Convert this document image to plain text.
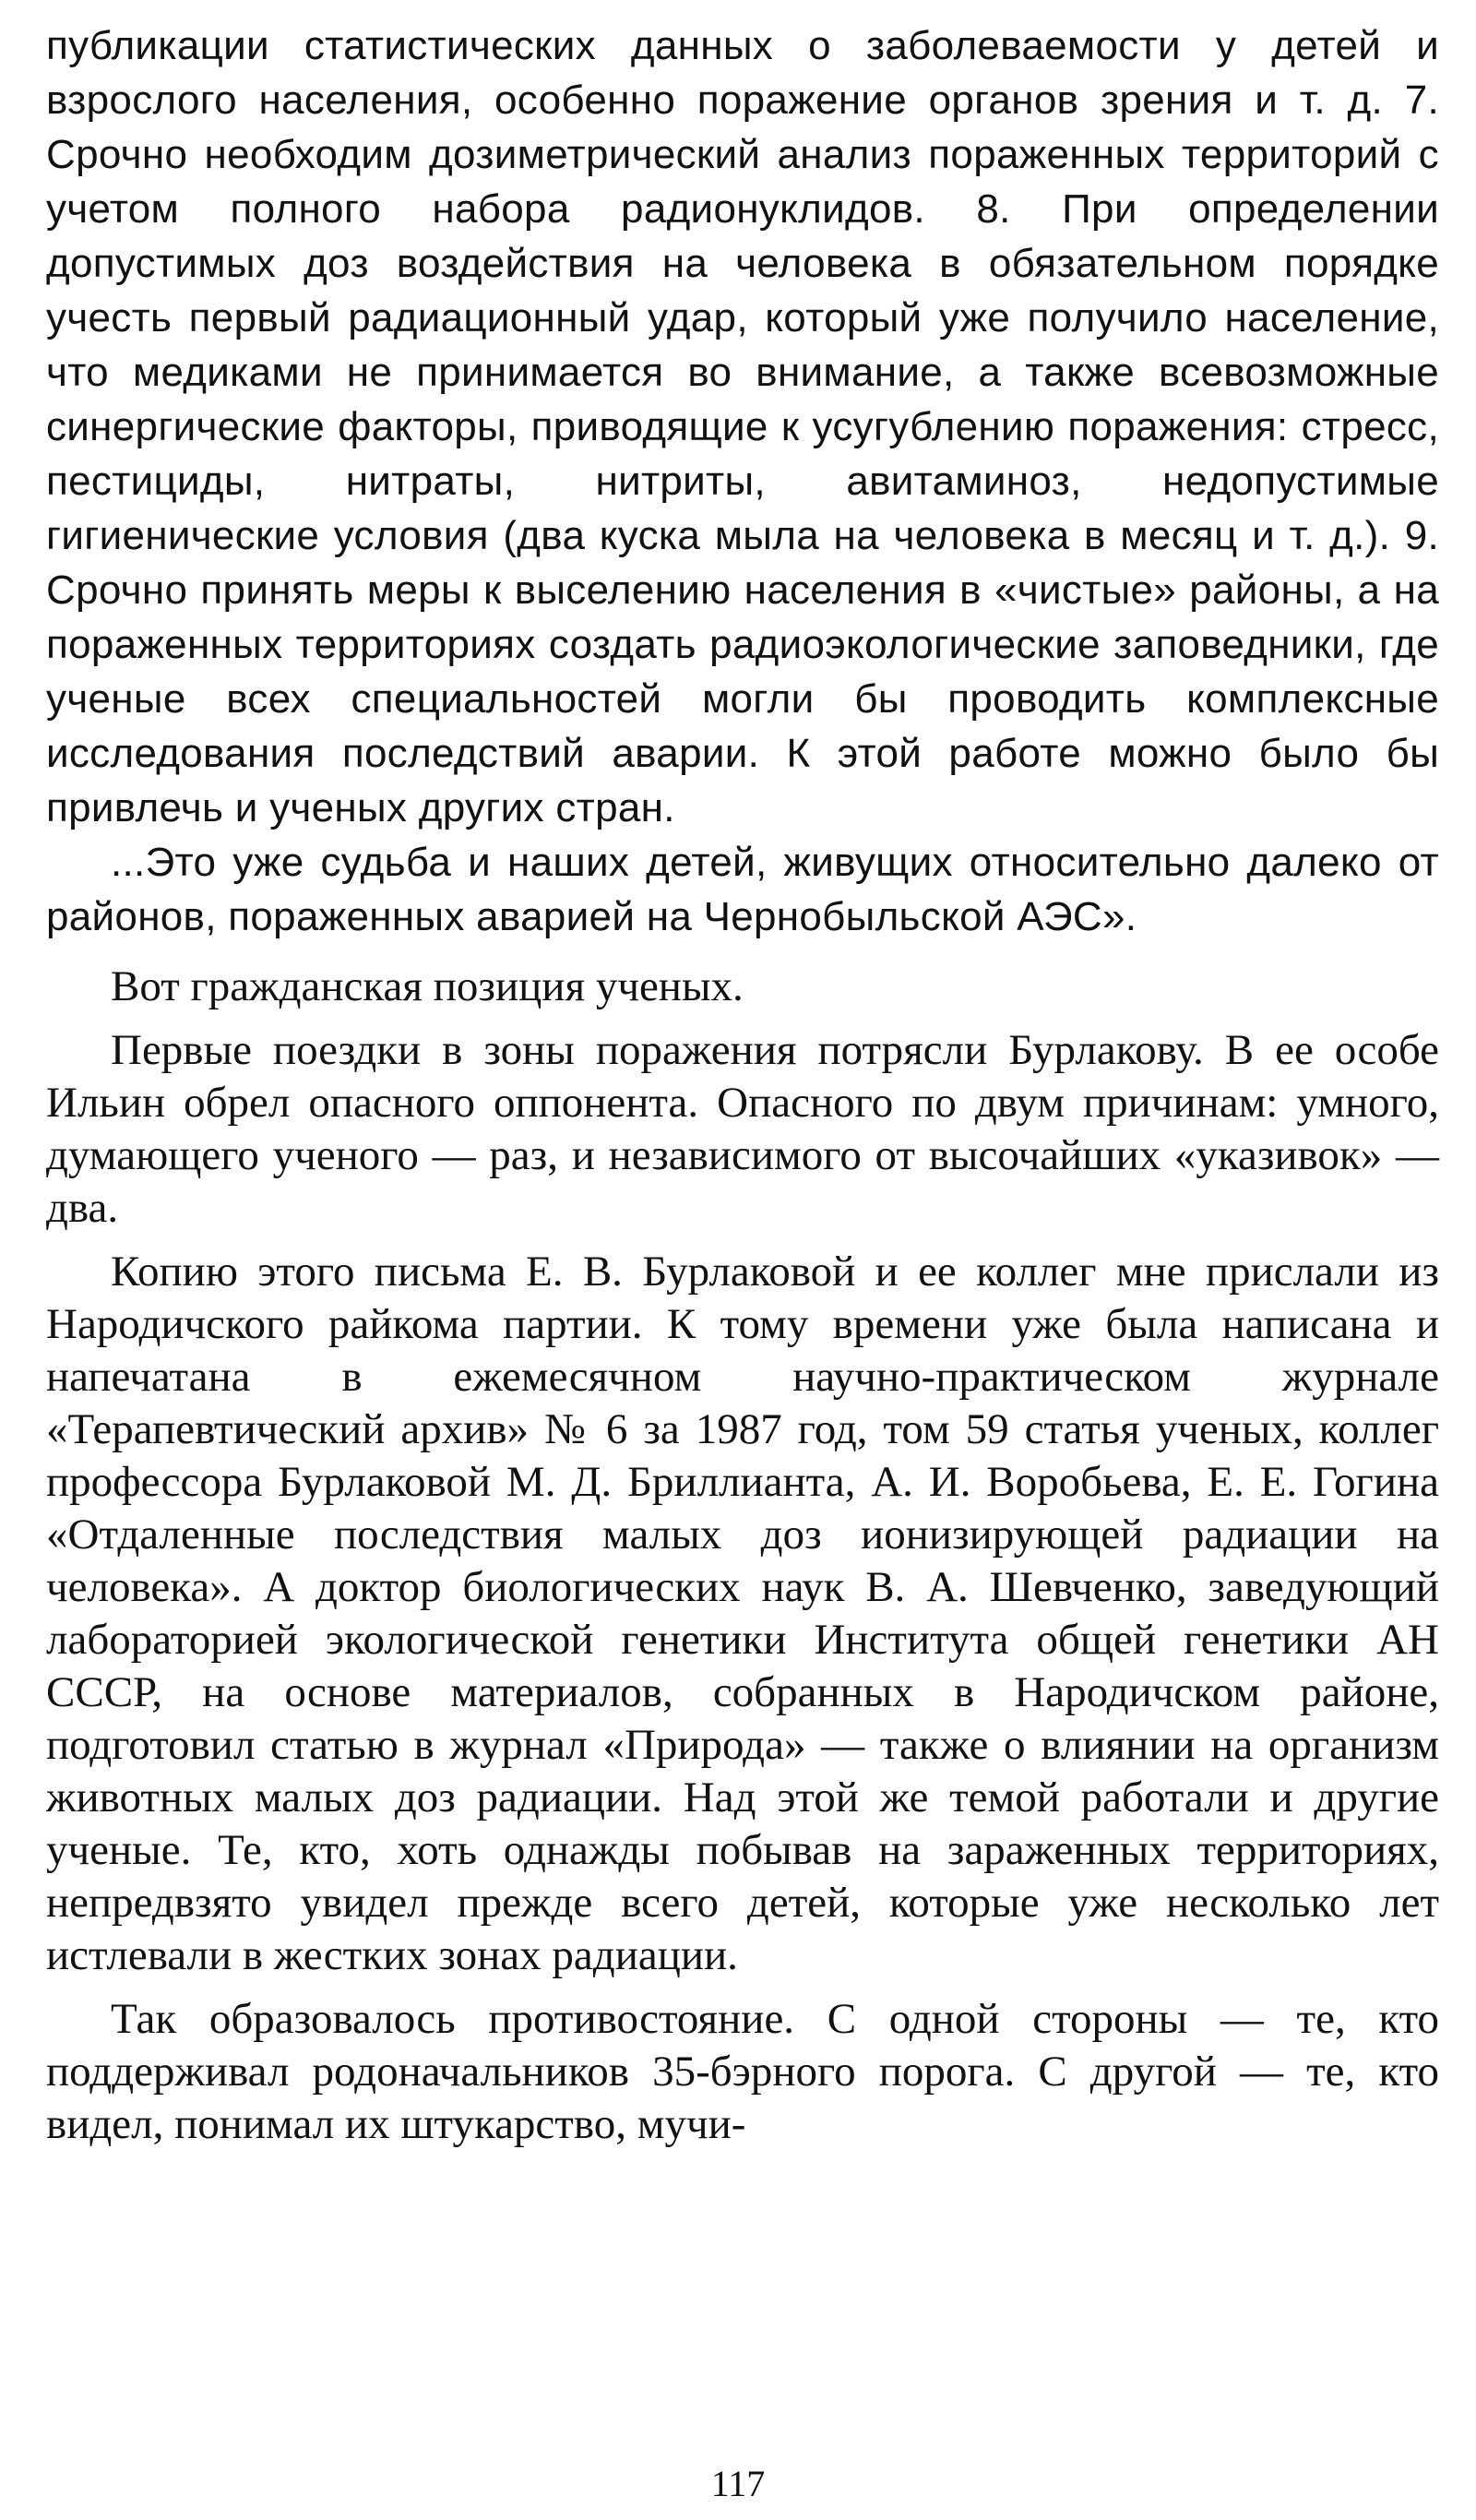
публикации статистических данных о заболеваемости у детей и взрослого населения, особенно поражение органов зрения и т. д. 7. Срочно необходим дозиметрический анализ пораженных территорий с учетом полного набора радионуклидов. 8. При определении допустимых доз воздействия на человека в обязательном порядке учесть первый радиационный удар, который уже получило население, что медиками не принимается во внимание, а также всевозможные синергические факторы, приводящие к усугублению поражения: стресс, пестициды, нитраты, нитриты, авитаминоз, недопустимые гигиенические условия (два куска мыла на человека в месяц и т. д.). 9. Срочно принять меры к выселению населения в «чистые» районы, а на пораженных территориях создать радиоэкологические заповедники, где ученые всех специальностей могли бы проводить комплексные исследования последствий аварии. К этой работе можно было бы привлечь и ученых других стран.

...Это уже судьба и наших детей, живущих относительно далеко от районов, пораженных аварией на Чернобыльской АЭС».

Вот гражданская позиция ученых.

Первые поездки в зоны поражения потрясли Бурлакову. В ее особе Ильин обрел опасного оппонента. Опасного по двум причинам: умного, думающего ученого — раз, и независимого от высочайших «указивок» — два.

Копию этого письма Е. В. Бурлаковой и ее коллег мне прислали из Народичского райкома партии. К тому времени уже была написана и напечатана в ежемесячном научно-практическом журнале «Терапевтический архив» № 6 за 1987 год, том 59 статья ученых, коллег профессора Бурлаковой М. Д. Бриллианта, А. И. Воробьева, Е. Е. Гогина «Отдаленные последствия малых доз ионизирующей радиации на человека». А доктор биологических наук В. А. Шевченко, заведующий лабораторией экологической генетики Института общей генетики АН СССР, на основе материалов, собранных в Народичском районе, подготовил статью в журнал «Природа» — также о влиянии на организм животных малых доз радиации. Над этой же темой работали и другие ученые. Те, кто, хоть однажды побывав на зараженных территориях, непредвзято увидел прежде всего детей, которые уже несколько лет истлевали в жестких зонах радиации.

Так образовалось противостояние. С одной стороны — те, кто поддерживал родоначальников 35-бэрного порога. С другой — те, кто видел, понимал их штукарство, мучи-

117
